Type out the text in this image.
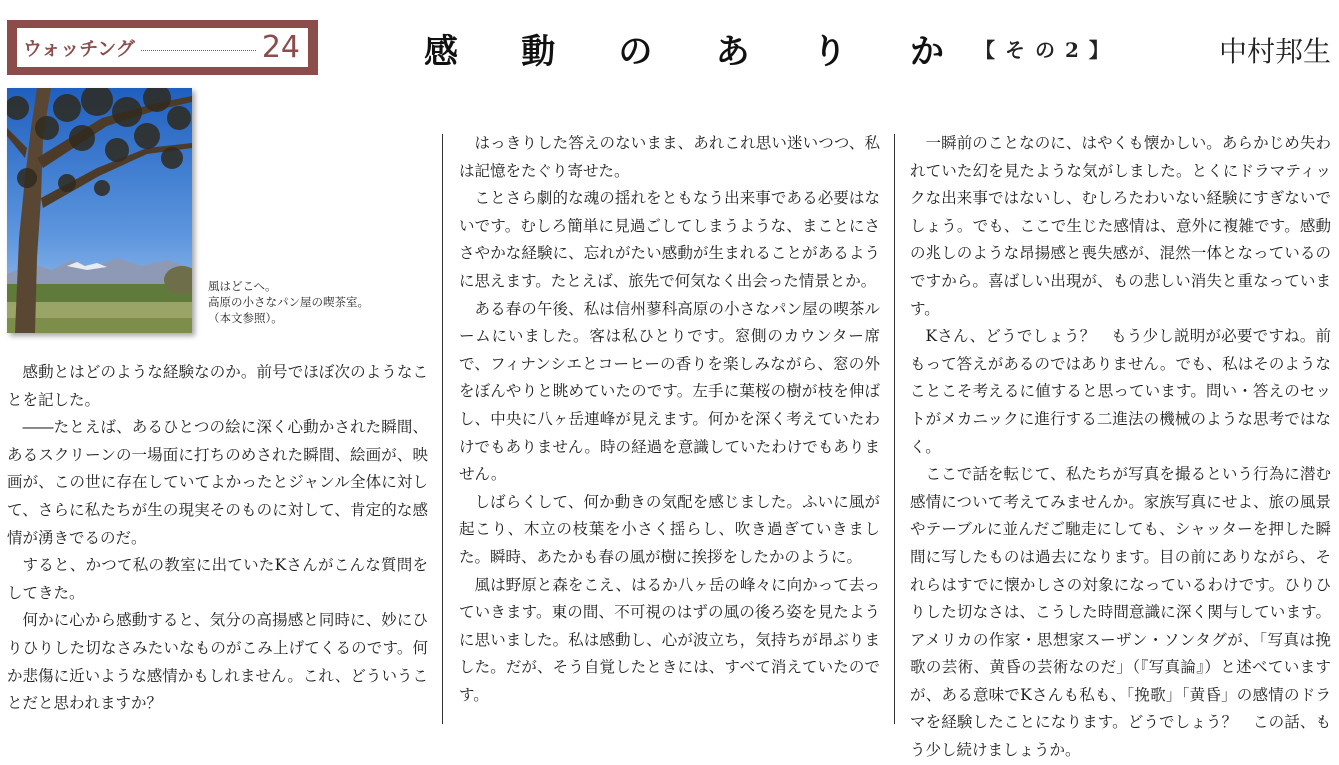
ウォッチング	24	感 動 の あ り か 【その2】	中村邦生
風はどこへ。
高原の小さなパン屋の喫茶室。
（本文参照）。

感動とはどのような経験なのか。前号でほぼ次のようなことを記した。

――たとえば、あるひとつの絵に深く心動かされた瞬間、あるスクリーンの一場面に打ちのめされた瞬間、絵画が、映画が、この世に存在していてよかったとジャンル全体に対して、さらに私たちが生の現実そのものに対して、肯定的な感情が湧きでるのだ。

すると、かつて私の教室に出ていたKさんがこんな質問をしてきた。

何かに心から感動すると、気分の高揚感と同時に、妙にひりひりした切なさみたいなものがこみ上げてくるのです。何か悲傷に近いような感情かもしれません。これ、どういうことだと思われますか？

はっきりした答えのないまま、あれこれ思い迷いつつ、私は記憶をたぐり寄せた。

ことさら劇的な魂の揺れをともなう出来事である必要はないです。むしろ簡単に見過ごしてしまうような、まことにささやかな経験に、忘れがたい感動が生まれることがあるように思えます。たとえば、旅先で何気なく出会った情景とか。

ある春の午後、私は信州蓼科高原の小さなパン屋の喫茶ルームにいました。客は私ひとりです。窓側のカウンター席で、フィナンシエとコーヒーの香りを楽しみながら、窓の外をぼんやりと眺めていたのです。左手に葉桜の樹が枝を伸ばし、中央に八ヶ岳連峰が見えます。何かを深く考えていたわけでもありません。時の経過を意識していたわけでもありません。

しばらくして、何か動きの気配を感じました。ふいに風が起こり、木立の枝葉を小さく揺らし、吹き過ぎていきました。瞬時、あたかも春の風が樹に挨拶をしたかのように。

風は野原と森をこえ、はるか八ヶ岳の峰々に向かって去っていきます。東の間、不可視のはずの風の後ろ姿を見たように思いました。私は感動し、心が波立ち，気持ちが昂ぶりました。だが、そう自覚したときには、すべて消えていたのです。

一瞬前のことなのに、はやくも懐かしい。あらかじめ失われていた幻を見たような気がしました。とくにドラマティックな出来事ではないし、むしろたわいない経験にすぎないでしょう。でも、ここで生じた感情は、意外に複雑です。感動の兆しのような昂揚感と喪失感が、混然一体となっているのですから。喜ばしい出現が、もの悲しい消失と重なっています。

Kさん、どうでしょう？　もう少し説明が必要ですね。前もって答えがあるのではありません。でも、私はそのようなことこそ考えるに値すると思っています。問い・答えのセットがメカニックに進行する二進法の機械のような思考ではなく。

ここで話を転じて、私たちが写真を撮るという行為に潜む感情について考えてみませんか。家族写真にせよ、旅の風景やテーブルに並んだご馳走にしても、シャッターを押した瞬間に写したものは過去になります。目の前にありながら、それらはすでに懐かしさの対象になっているわけです。ひりひりした切なさは、こうした時間意識に深く関与しています。アメリカの作家・思想家スーザン・ソンタグが、「写真は挽歌の芸術、黄昏の芸術なのだ」（『写真論』）と述べていますが、ある意味でKさんも私も、「挽歌」「黄昏」の感情のドラマを経験したことになります。どうでしょう？　この話、もう少し続けましょうか。
